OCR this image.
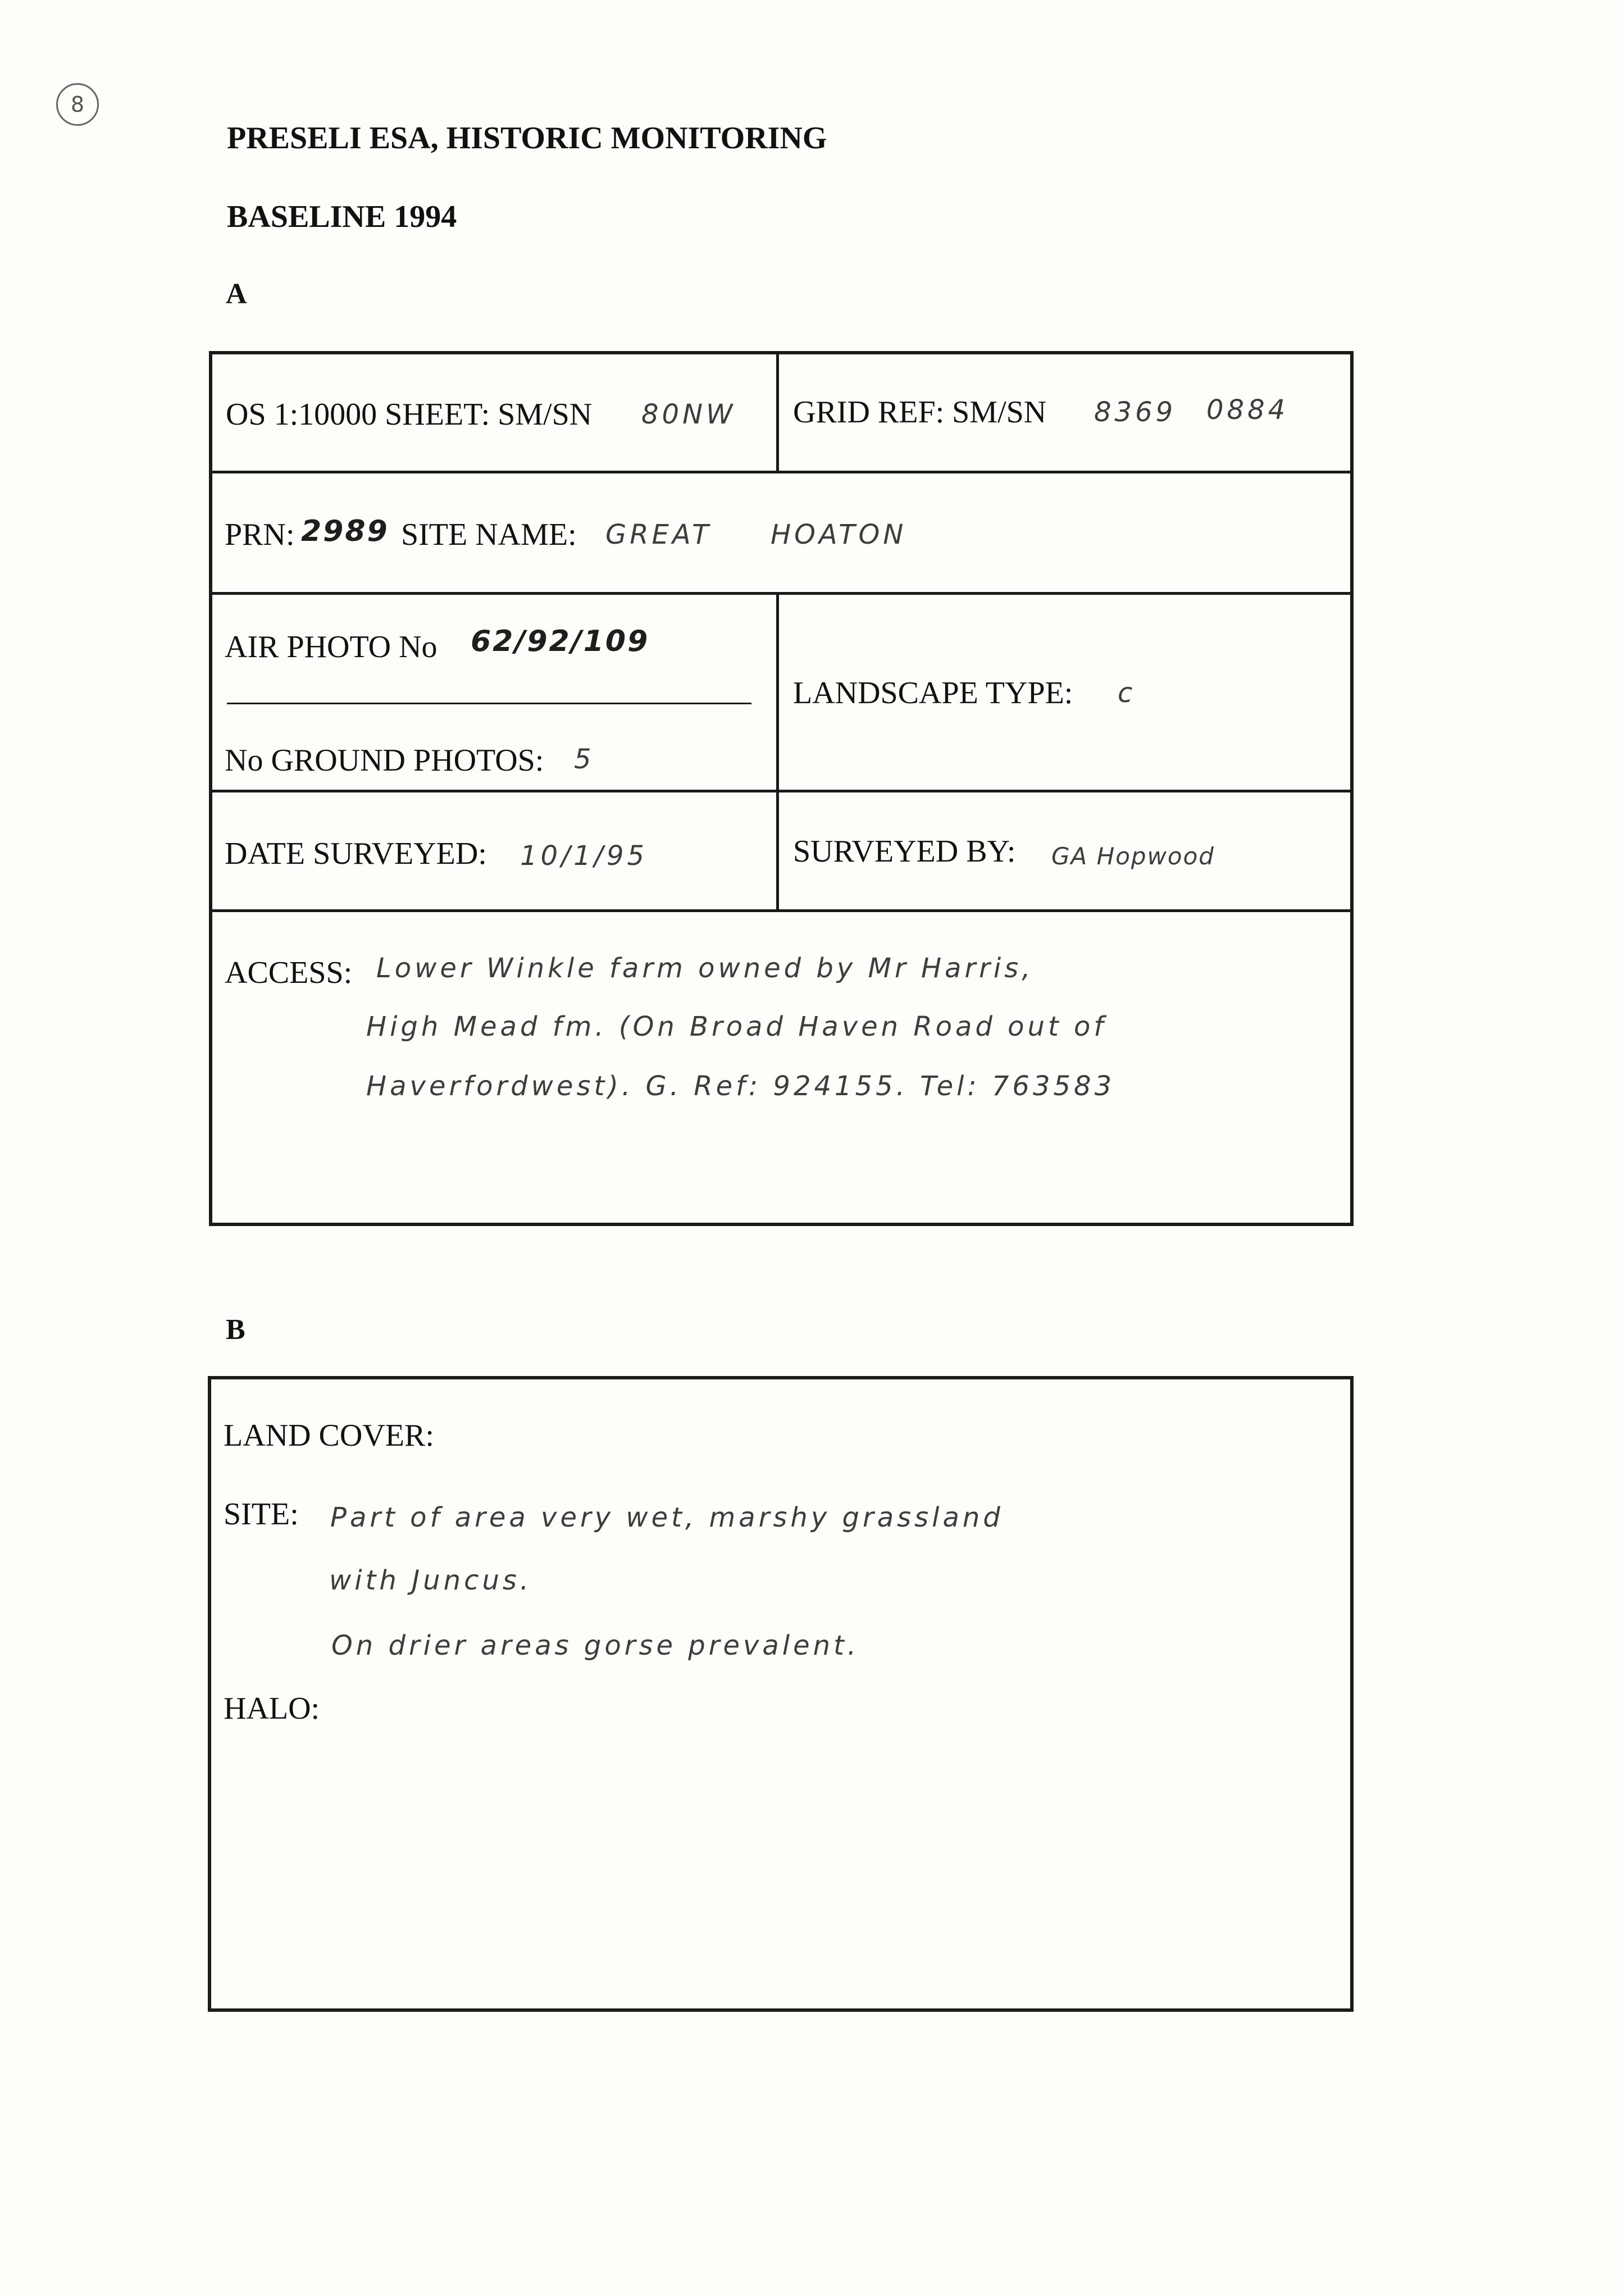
8
PRESELI ESA, HISTORIC MONITORING
BASELINE 1994
A
OS 1:10000 SHEET: SM/SN 80NW GRID REF: SM/SN 8369 0884
PRN: 2989 SITE NAME: GREAT HOATON
AIR PHOTO No 62/92/109
No GROUND PHOTOS: 5
LANDSCAPE TYPE: c
DATE SURVEYED: 10/1/95	SURVEYED BY: GA Hopwood
ACCESS: Lower Winkle farm owned by Mr Harris,
High Mead fm. (On Broad Haven Road out of
Haverfordwest). G. Ref: 924155. Tel: 763583
B
LAND COVER:
SITE: Part of area very wet, marshy grassland
with Juncus.
On drier areas gorse prevalent.
HALO:
